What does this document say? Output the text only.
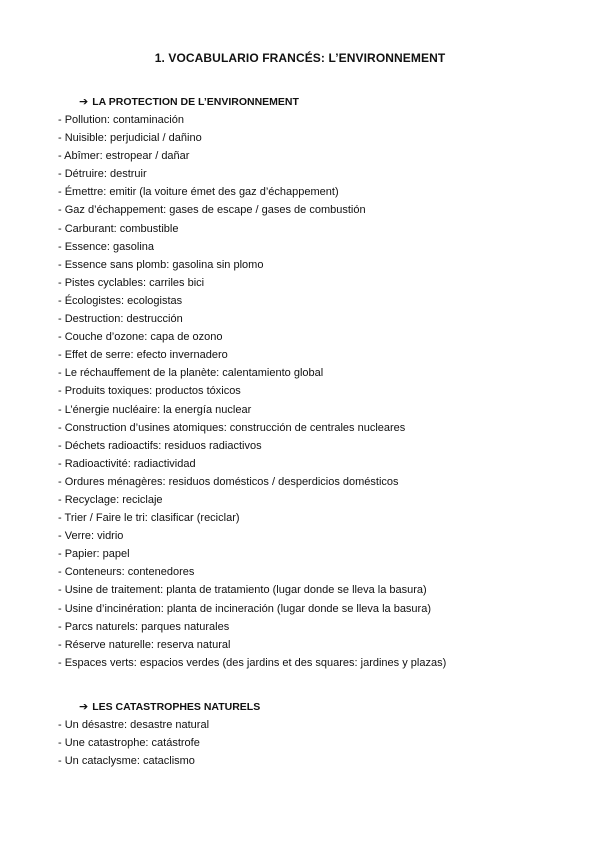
1. VOCABULARIO FRANCÉS: L’ENVIRONNEMENT
➔ LA PROTECTION DE L’ENVIRONNEMENT
- Pollution: contaminación
- Nuisible: perjudicial / dañino
- Abîmer: estropear / dañar
- Détruire: destruir
- Émettre: emitir (la voiture émet des gaz d’échappement)
- Gaz d’échappement: gases de escape / gases de combustión
- Carburant: combustible
- Essence: gasolina
- Essence sans plomb: gasolina sin plomo
- Pistes cyclables: carriles bici
- Écologistes: ecologistas
- Destruction: destrucción
- Couche d’ozone: capa de ozono
- Effet de serre: efecto invernadero
- Le réchauffement de la planète: calentamiento global
- Produits toxiques: productos tóxicos
- L’énergie nucléaire: la energía nuclear
- Construction d’usines atomiques: construcción de centrales nucleares
- Déchets radioactifs: residuos radiactivos
- Radioactivité: radiactividad
- Ordures ménagères: residuos domésticos / desperdicios domésticos
- Recyclage: reciclaje
- Trier / Faire le tri: clasificar (reciclar)
- Verre: vidrio
- Papier: papel
- Conteneurs: contenedores
- Usine de traitement: planta de tratamiento (lugar donde se lleva la basura)
- Usine d’incinération: planta de incineración (lugar donde se lleva la basura)
- Parcs naturels: parques naturales
- Réserve naturelle: reserva natural
- Espaces verts: espacios verdes (des jardins et des squares: jardines y plazas)
➔ LES CATASTROPHES NATURELS
- Un désastre: desastre natural
- Une catastrophe: catástrofe
- Un cataclysme: cataclismo
